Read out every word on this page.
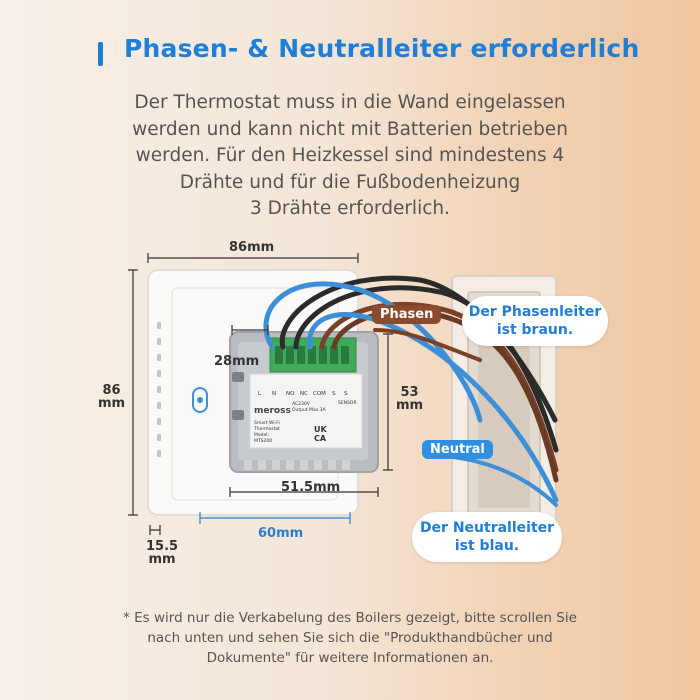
Phasen- & Neutralleiter erforderlich
Der Thermostat muss in die Wand eingelassen
werden und kann nicht mit Batterien betrieben
werden. Für den Heizkessel sind mindestens 4
Drähte und für die Fußbodenheizung
3 Drähte erforderlich.
L N NO NC COM S S
meross
AC230V
Output Max.3A
Smart Wi-Fi
Thermostat
Model:
MTS200
SENSOR
UK
CA
86mm
86
mm
28mm
53
mm
51.5mm
60mm
15.5
mm
Phasen
Neutral
Der Phasenleiter
ist braun.
Der Neutralleiter
ist blau.
* Es wird nur die Verkabelung des Boilers gezeigt, bitte scrollen Sie
nach unten und sehen Sie sich die "Produkthandbücher und
Dokumente" für weitere Informationen an.
